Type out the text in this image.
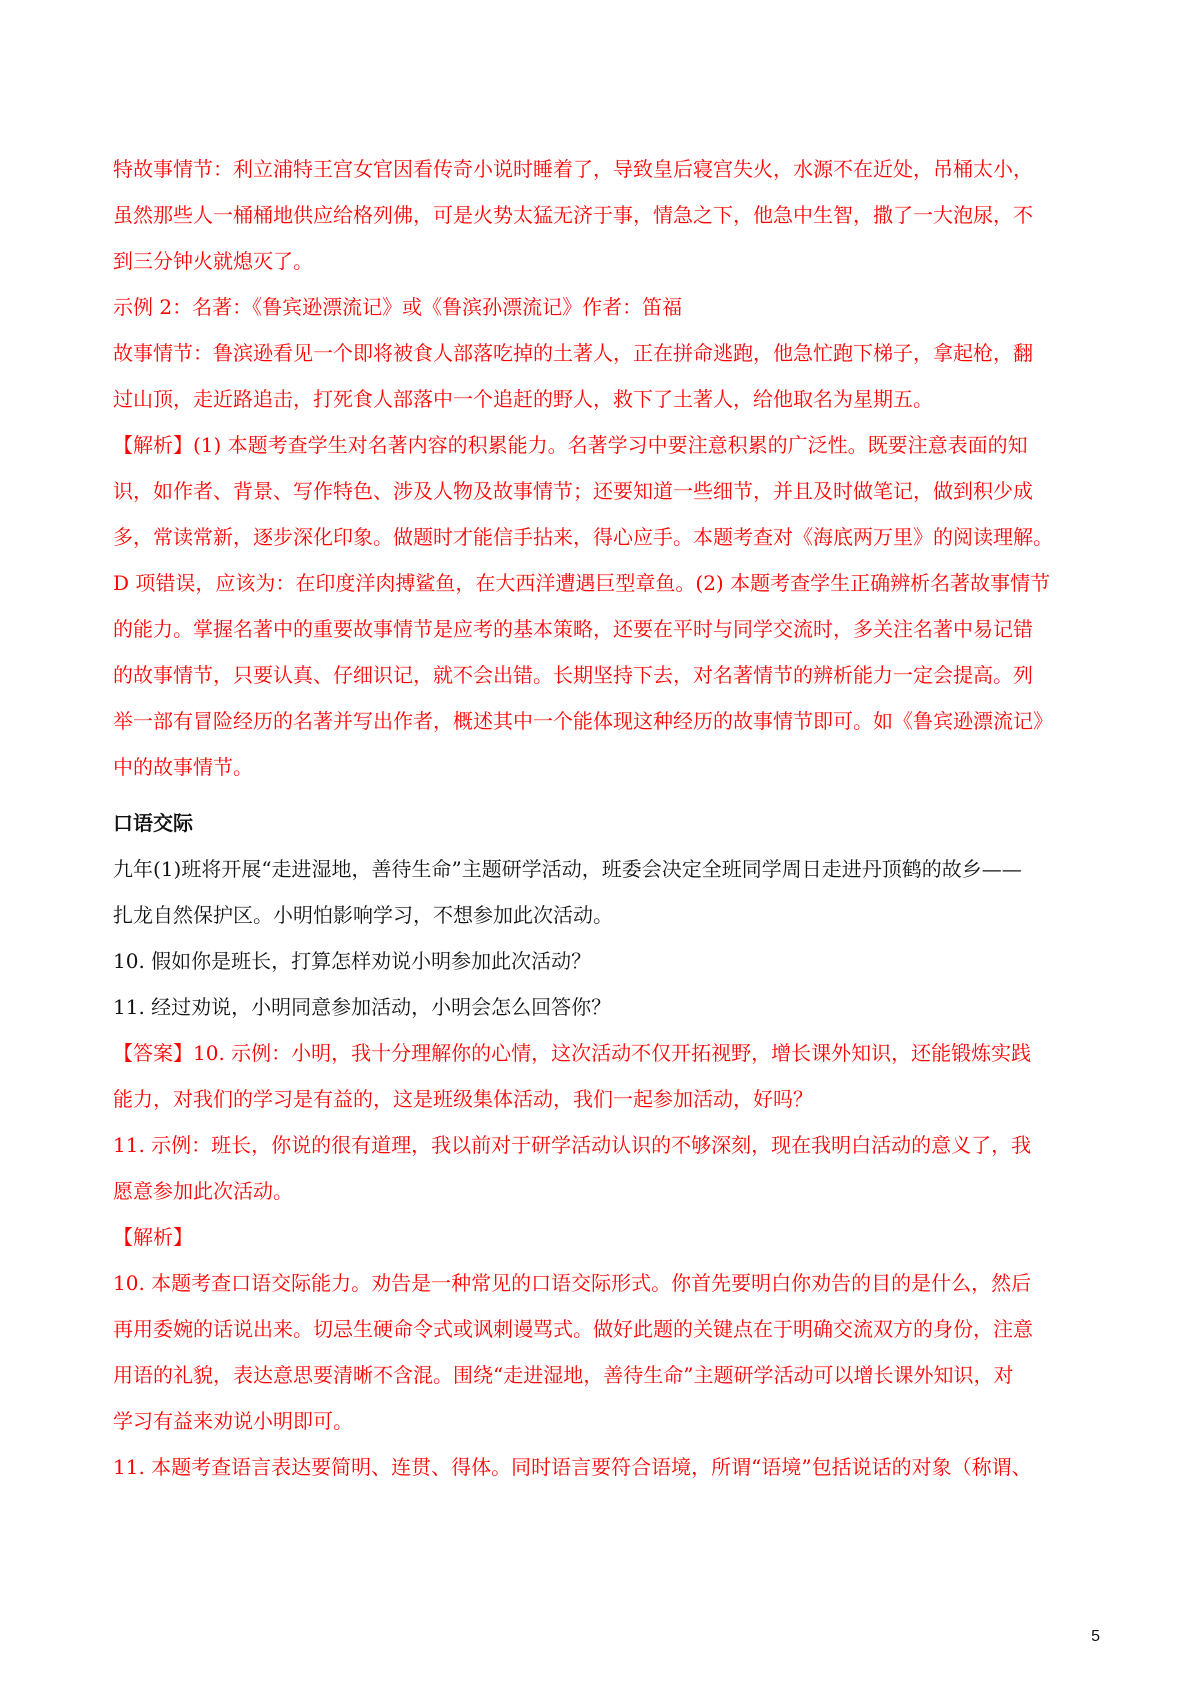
特故事情节：利立浦特王宫女官因看传奇小说时睡着了，导致皇后寝宫失火，水源不在近处，吊桶太小，
虽然那些人一桶桶地供应给格列佛，可是火势太猛无济于事，情急之下，他急中生智，撒了一大泡尿，不
到三分钟火就熄灭了。
示例 2：名著：《鲁宾逊漂流记》或《鲁滨孙漂流记》作者：笛福
故事情节：鲁滨逊看见一个即将被食人部落吃掉的土著人，正在拼命逃跑，他急忙跑下梯子，拿起枪，翻
过山顶，走近路追击，打死食人部落中一个追赶的野人，救下了土著人，给他取名为星期五。
【解析】(1) 本题考查学生对名著内容的积累能力。名著学习中要注意积累的广泛性。既要注意表面的知
识，如作者、背景、写作特色、涉及人物及故事情节；还要知道一些细节，并且及时做笔记，做到积少成
多，常读常新，逐步深化印象。做题时才能信手拈来，得心应手。本题考查对《海底两万里》的阅读理解。
D 项错误，应该为：在印度洋肉搏鲨鱼，在大西洋遭遇巨型章鱼。(2) 本题考查学生正确辨析名著故事情节
的能力。掌握名著中的重要故事情节是应考的基本策略，还要在平时与同学交流时，多关注名著中易记错
的故事情节，只要认真、仔细识记，就不会出错。长期坚持下去，对名著情节的辨析能力一定会提高。列
举一部有冒险经历的名著并写出作者，概述其中一个能体现这种经历的故事情节即可。如《鲁宾逊漂流记》
中的故事情节。
口语交际
九年(1)班将开展“走进湿地，善待生命”主题研学活动，班委会决定全班同学周日走进丹顶鹤的故乡——
扎龙自然保护区。小明怕影响学习，不想参加此次活动。
10. 假如你是班长，打算怎样劝说小明参加此次活动？
11. 经过劝说，小明同意参加活动，小明会怎么回答你？
【答案】10. 示例：小明，我十分理解你的心情，这次活动不仅开拓视野，增长课外知识，还能锻炼实践
能力，对我们的学习是有益的，这是班级集体活动，我们一起参加活动，好吗？
11. 示例：班长，你说的很有道理，我以前对于研学活动认识的不够深刻，现在我明白活动的意义了，我
愿意参加此次活动。
【解析】
10. 本题考查口语交际能力。劝告是一种常见的口语交际形式。你首先要明白你劝告的目的是什么，然后
再用委婉的话说出来。切忌生硬命令式或讽刺谩骂式。做好此题的关键点在于明确交流双方的身份，注意
用语的礼貌，表达意思要清晰不含混。围绕“走进湿地，善待生命”主题研学活动可以增长课外知识，对
学习有益来劝说小明即可。
11. 本题考查语言表达要简明、连贯、得体。同时语言要符合语境，所谓“语境”包括说话的对象（称谓、
5
